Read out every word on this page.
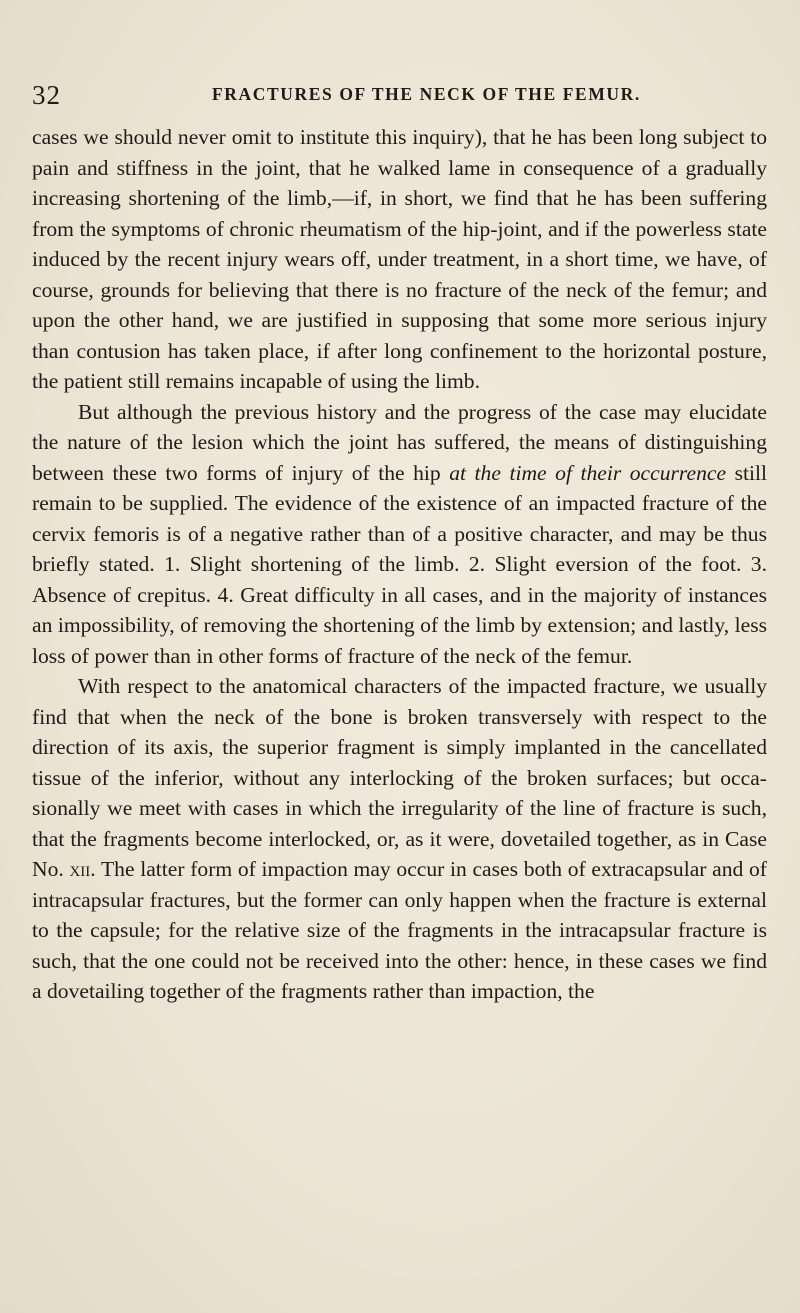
32	FRACTURES OF THE NECK OF THE FEMUR.

cases we should never omit to institute this inquiry), that he has been long subject to pain and stiffness in the joint, that he walked lame in consequence of a gradually increasing shortening of the limb,—if, in short, we find that he has been suffering from the symptoms of chronic rheumatism of the hip-joint, and if the powerless state induced by the recent injury wears off, under treatment, in a short time, we have, of course, grounds for believing that there is no fracture of the neck of the femur; and upon the other hand, we are justified in supposing that some more serious injury than contusion has taken place, if after long confinement to the horizontal posture, the patient still remains incapable of using the limb.

But although the previous history and the progress of the case may elucidate the nature of the lesion which the joint has suffered, the means of distinguishing between these two forms of injury of the hip at the time of their occurrence still remain to be supplied. The evidence of the existence of an impacted fracture of the cervix femoris is of a negative rather than of a positive character, and may be thus briefly stated. 1. Slight shortening of the limb. 2. Slight eversion of the foot. 3. Absence of crepitus. 4. Great difficulty in all cases, and in the majority of instances an impossibility, of removing the shortening of the limb by extension; and lastly, less loss of power than in other forms of fracture of the neck of the femur.

With respect to the anatomical characters of the impacted fracture, we usually find that when the neck of the bone is broken transversely with respect to the direction of its axis, the superior fragment is simply implanted in the cancellated tissue of the inferior, without any interlocking of the broken surfaces; but occasionally we meet with cases in which the irregularity of the line of fracture is such, that the fragments become interlocked, or, as it were, dovetailed together, as in Case No. xii. The latter form of impaction may occur in cases both of extracapsular and of intracapsular fractures, but the former can only happen when the fracture is external to the capsule; for the relative size of the fragments in the intracapsular fracture is such, that the one could not be received into the other: hence, in these cases we find a dovetailing together of the fragments rather than impaction, the
